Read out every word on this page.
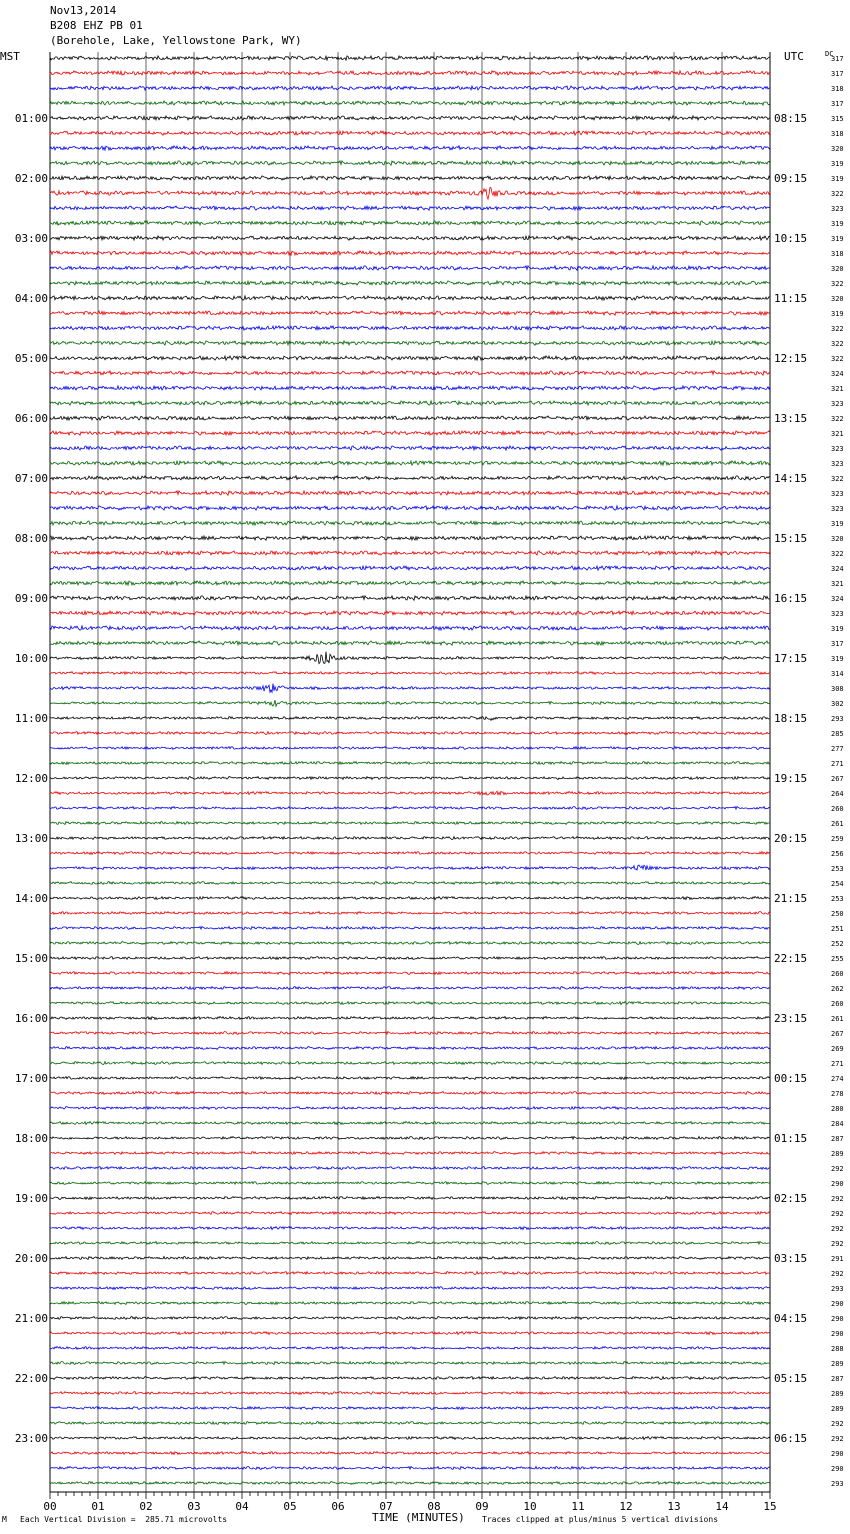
01:00
02:00
03:00
04:00
05:00
06:00
07:00
08:00
09:00
10:00
11:00
12:00
13:00
14:00
15:00
16:00
17:00
18:00
19:00
20:00
21:00
22:00
23:00
08:15
09:15
10:15
11:15
12:15
13:15
14:15
15:15
16:15
17:15
18:15
19:15
20:15
21:15
22:15
23:15
00:15
01:15
02:15
03:15
04:15
05:15
06:15
317
317
318
317
315
318
320
319
319
322
323
319
319
318
320
322
320
319
322
322
322
324
321
323
322
321
323
323
322
323
323
319
320
322
324
321
324
323
319
317
319
314
308
302
293
285
277
271
267
264
260
261
259
256
253
254
253
250
251
252
255
260
262
260
261
267
269
271
274
278
280
284
287
289
292
290
292
292
292
292
291
292
293
290
290
290
288
289
287
289
289
292
292
290
290
293
00	01	02	03	04	05	06	07	08	09	10	11	12	13	14	15
Nov13,2014
B208 EHZ PB 01
(Borehole, Lake, Yellowstone Park, WY)
MST	UTC	DC
TIME (MINUTES)
M Each Vertical Division =  285.71 microvolts	Traces clipped at plus/minus 5 vertical divisions
